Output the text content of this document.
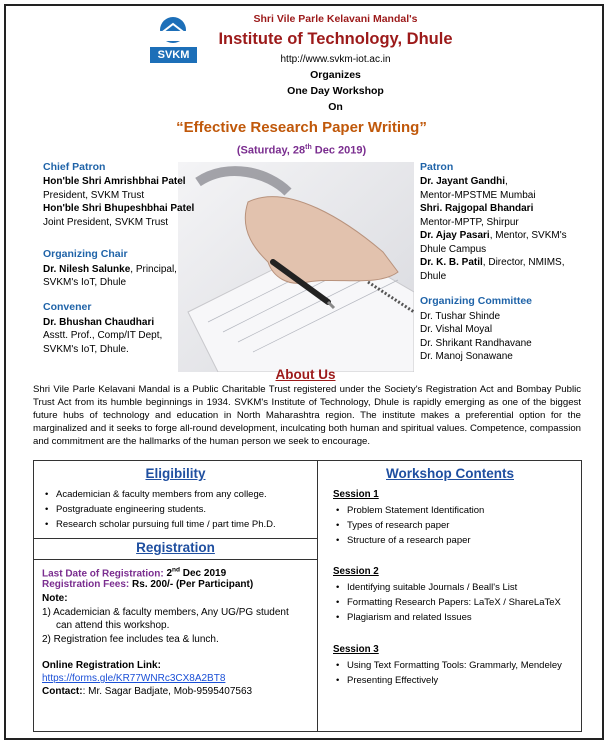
SVKM
Shri Vile Parle Kelavani Mandal's
Institute of Technology, Dhule
http://www.svkm-iot.ac.in
Organizes
One Day Workshop
On
“Effective Research Paper Writing”
(Saturday, 28th Dec 2019)
Chief Patron
Hon'ble Shri Amrishbhai Patel
President, SVKM Trust
Hon'ble Shri Bhupeshbhai Patel
Joint President, SVKM Trust
Organizing Chair
Dr. Nilesh Salunke, Principal,
SVKM's IoT, Dhule
Convener
Dr. Bhushan Chaudhari
Asstt. Prof., Comp/IT Dept,
SVKM's IoT, Dhule.
Patron
Dr. Jayant Gandhi,
Mentor-MPSTME Mumbai
Shri. Rajgopal Bhandari
Mentor-MPTP, Shirpur
Dr. Ajay Pasari, Mentor, SVKM's
Dhule Campus
Dr. K. B. Patil, Director, NMIMS,
Dhule
Organizing Committee
Dr. Tushar Shinde
Dr. Vishal Moyal
Dr. Shrikant Randhavane
Dr. Manoj Sonawane
About Us
Shri Vile Parle Kelavani Mandal is a Public Charitable Trust registered under the Society's Registration Act and Bombay Public Trust Act from its humble beginnings in 1934. SVKM's Institute of Technology, Dhule is rapidly emerging as one of the biggest future hubs of technology and education in North Maharashtra region. The institute makes a preferential option for the marginalized and it seeks to forge all-round development, inculcating both human and spiritual values. Competence, compassion and commitment are the hallmarks of the human person we seek to encourage.
Eligibility
• Academician & faculty members from any college.
• Postgraduate engineering students.
• Research scholar pursuing full time / part time Ph.D.
Registration
Last Date of Registration: 2nd Dec 2019
Registration Fees: Rs. 200/- (Per Participant)
Note:
1) Academician & faculty members, Any UG/PG student
can attend this workshop.
2) Registration fee includes tea & lunch.
Online Registration Link:
https://forms.gle/KR77WNRc3CX8A2BT8
Contact:: Mr. Sagar Badjate, Mob-9595407563
Workshop Contents
Session 1
• Problem Statement Identification
• Types of research paper
• Structure of a research paper
Session 2
• Identifying suitable Journals / Beall's List
• Formatting Research Papers: LaTeX / ShareLaTeX
• Plagiarism and related Issues
Session 3
• Using Text Formatting Tools: Grammarly, Mendeley
• Presenting Effectively
